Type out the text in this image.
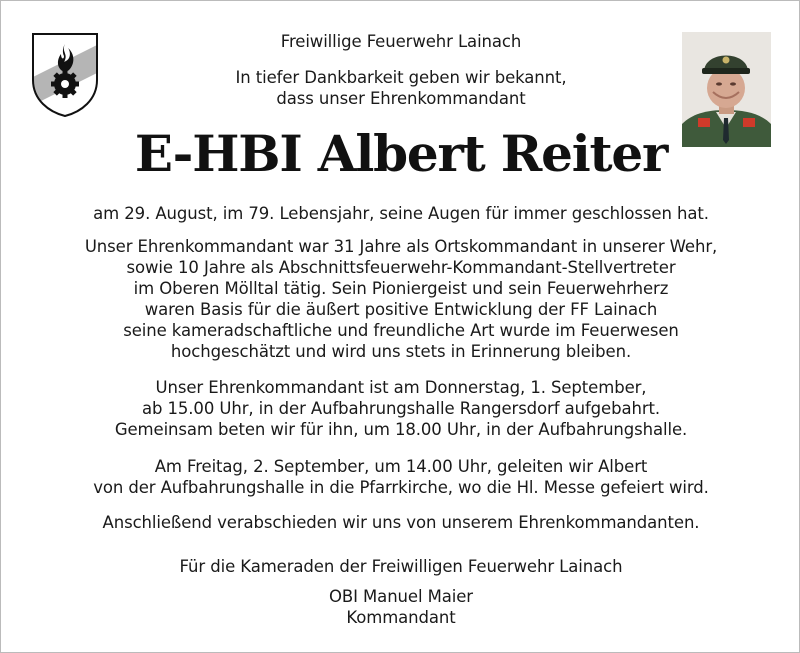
Freiwillige Feuerwehr Lainach
In tiefer Dankbarkeit geben wir bekannt,
dass unser Ehrenkommandant
E-HBI Albert Reiter
am 29. August, im 79. Lebensjahr, seine Augen für immer geschlossen hat.
Unser Ehrenkommandant war 31 Jahre als Ortskommandant in unserer Wehr,
sowie 10 Jahre als Abschnittsfeuerwehr-Kommandant-Stellvertreter
im Oberen Mölltal tätig. Sein Pioniergeist und sein Feuerwehrherz
waren Basis für die äußert positive Entwicklung der FF Lainach
seine kameradschaftliche und freundliche Art wurde im Feuerwesen
hochgeschätzt und wird uns stets in Erinnerung bleiben.
Unser Ehrenkommandant ist am Donnerstag, 1. September,
ab 15.00 Uhr, in der Aufbahrungshalle Rangersdorf aufgebahrt.
Gemeinsam beten wir für ihn, um 18.00 Uhr, in der Aufbahrungshalle.
Am Freitag, 2. September, um 14.00 Uhr, geleiten wir Albert
von der Aufbahrungshalle in die Pfarrkirche, wo die Hl. Messe gefeiert wird.
Anschließend verabschieden wir uns von unserem Ehrenkommandanten.
Für die Kameraden der Freiwilligen Feuerwehr Lainach
OBI Manuel Maier
Kommandant
